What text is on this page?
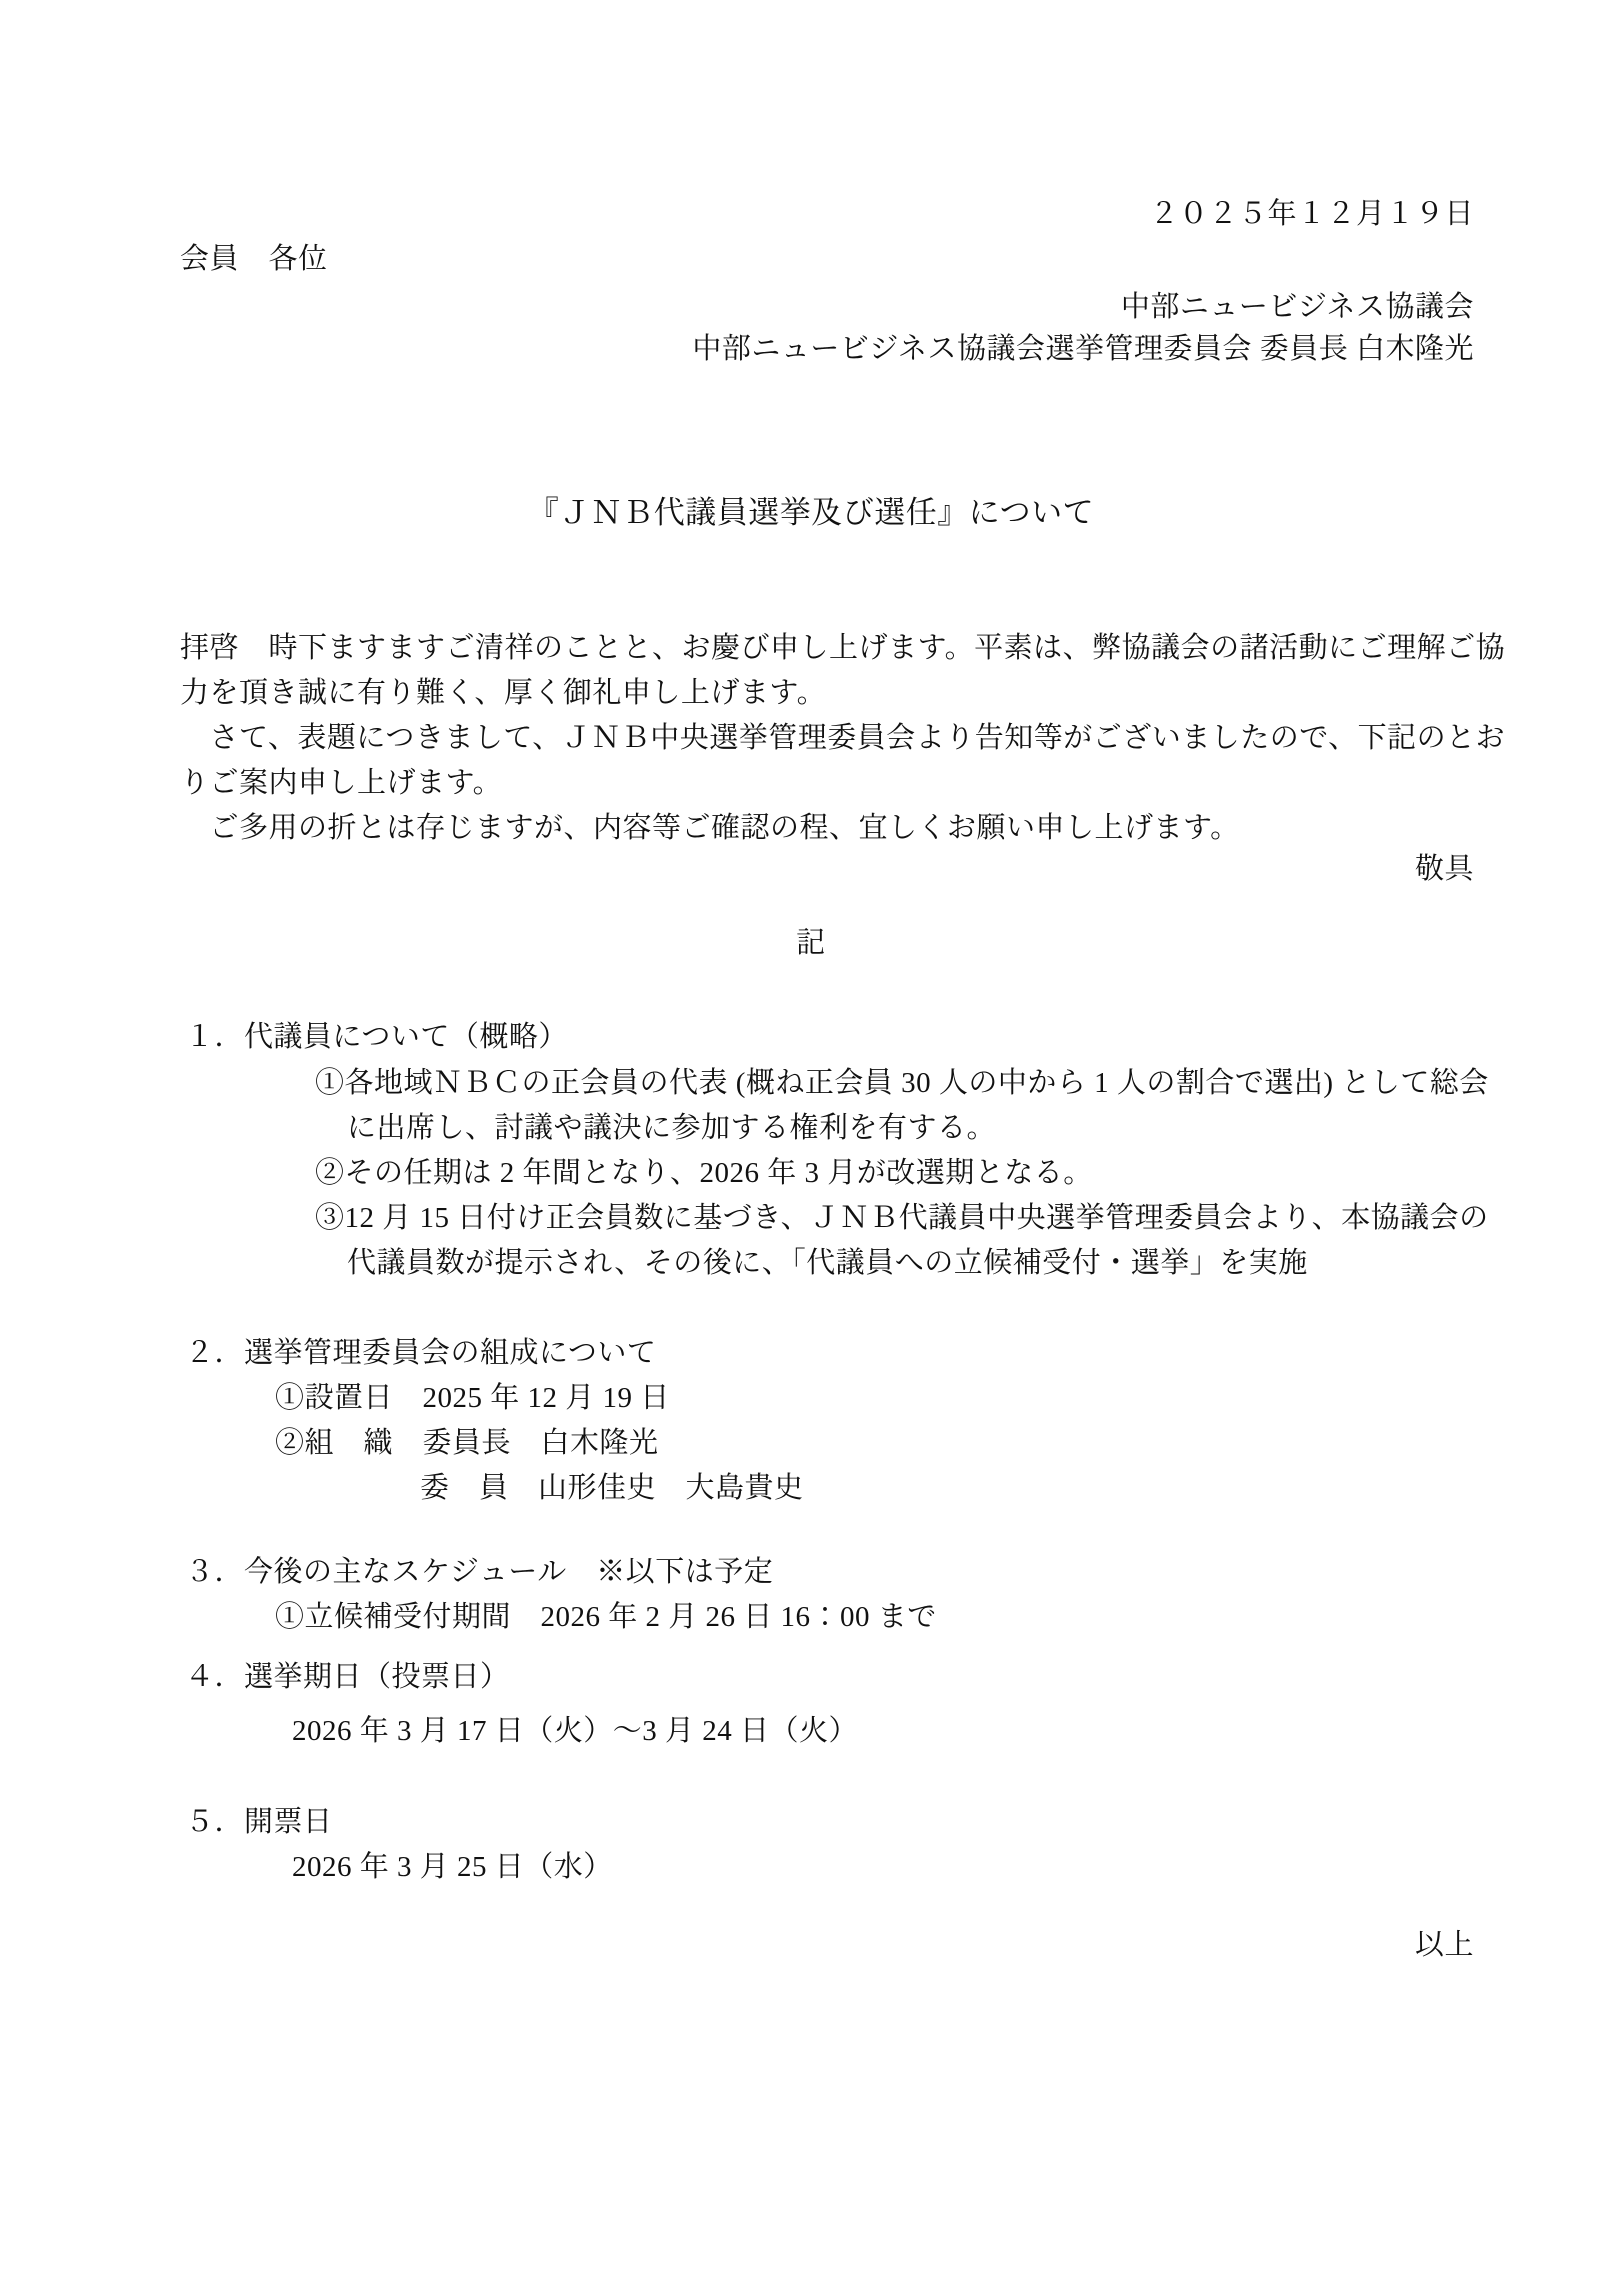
２０２５年１２月１９日
会員　各位
中部ニュービジネス協議会
中部ニュービジネス協議会選挙管理委員会 委員長 白木隆光
『ＪＮＢ代議員選挙及び選任』について
拝啓　時下ますますご清祥のことと、お慶び申し上げます。平素は、弊協議会の諸活動にご理解ご協
力を頂き誠に有り難く、厚く御礼申し上げます。
　さて、表題につきまして、ＪＮＢ中央選挙管理委員会より告知等がございましたので、下記のとお
りご案内申し上げます。
　ご多用の折とは存じますが、内容等ご確認の程、宜しくお願い申し上げます。
敬具
記
１．代議員について（概略）
①各地域ＮＢＣの正会員の代表 (概ね正会員 30 人の中から 1 人の割合で選出) として総会
に出席し、討議や議決に参加する権利を有する。
②その任期は 2 年間となり、2026 年 3 月が改選期となる。
③12 月 15 日付け正会員数に基づき、ＪＮＢ代議員中央選挙管理委員会より、本協議会の
代議員数が提示され、その後に、「代議員への立候補受付・選挙」を実施
２．選挙管理委員会の組成について
①設置日　2025 年 12 月 19 日
②組　織　委員長　白木隆光
委　員　山形佳史　大島貴史
３．今後の主なスケジュール　※以下は予定
①立候補受付期間　2026 年 2 月 26 日 16：00 まで
４．選挙期日（投票日）
2026 年 3 月 17 日（火）～3 月 24 日（火）
５．開票日
2026 年 3 月 25 日（水）
以上
